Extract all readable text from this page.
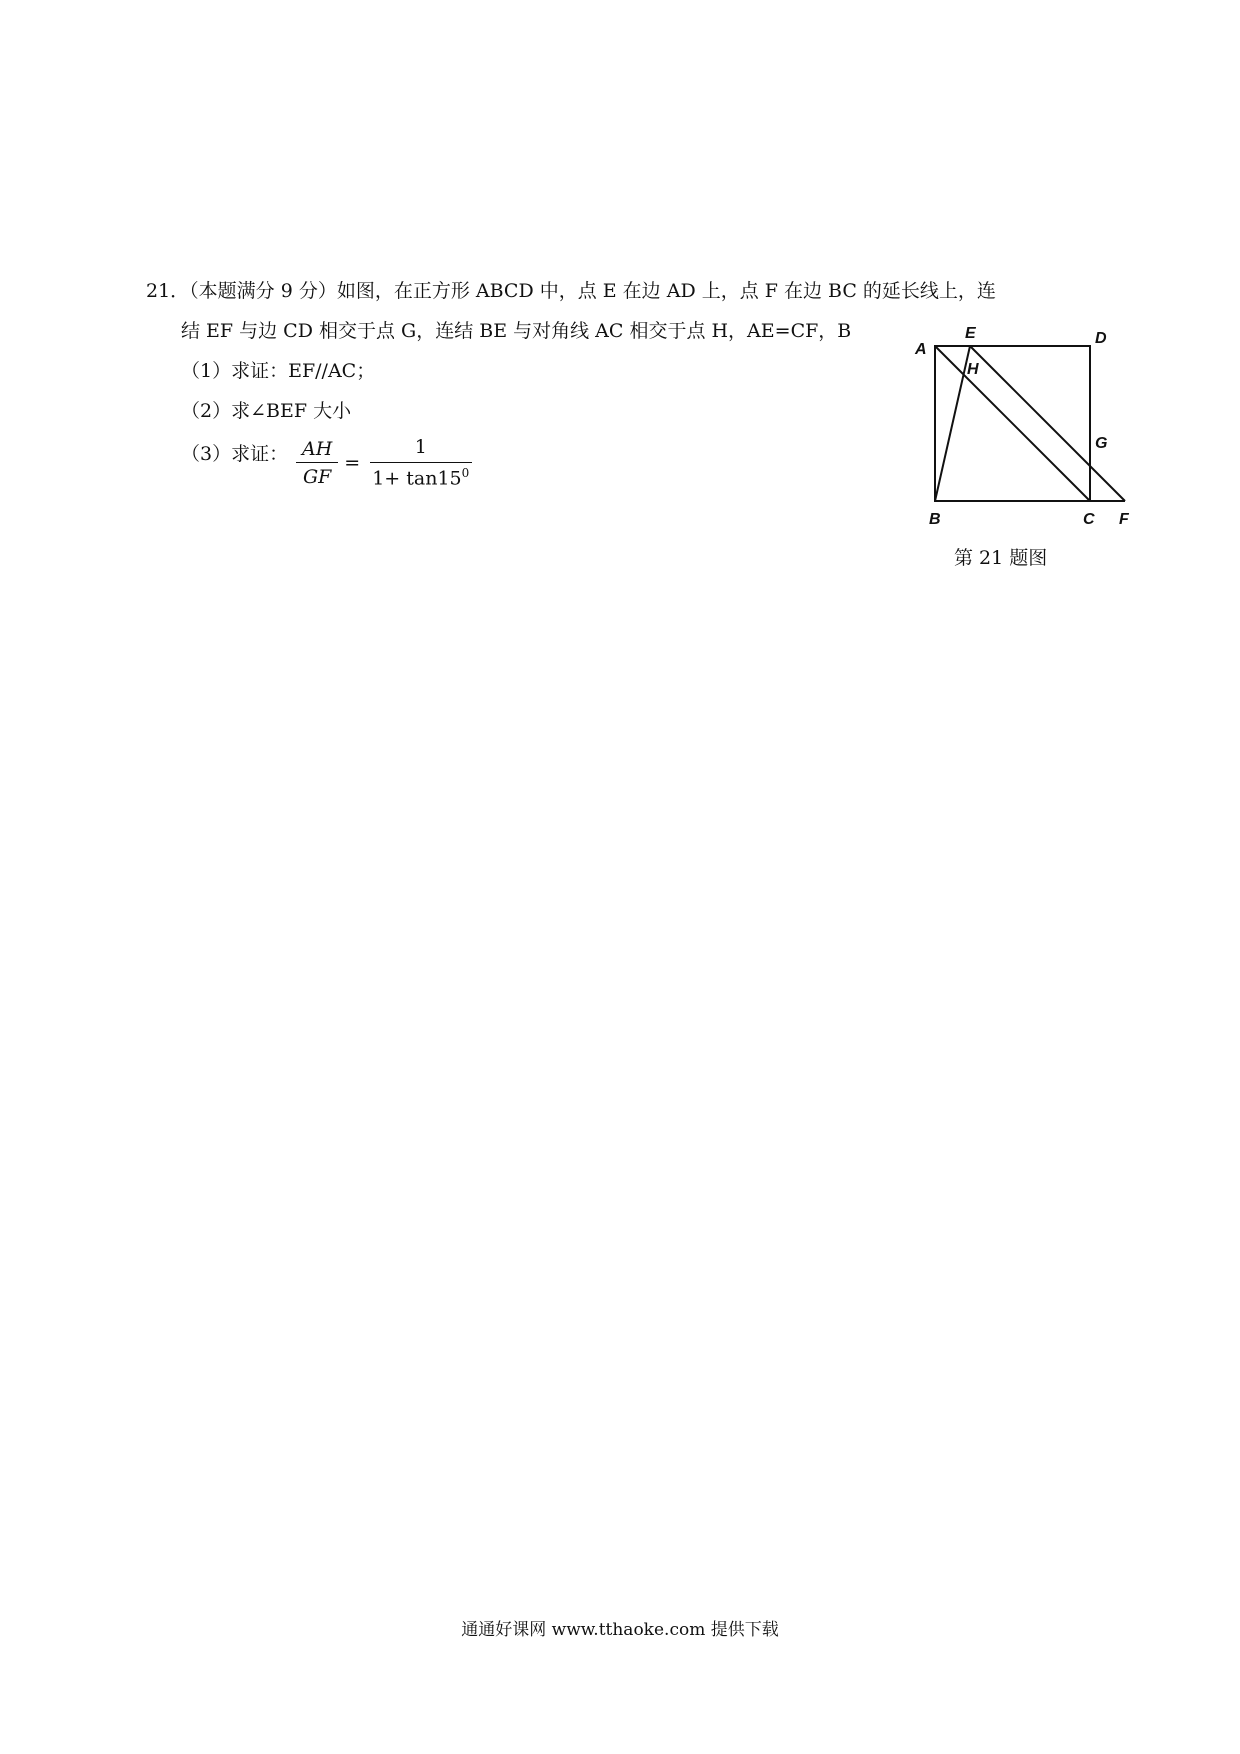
21．（本题满分 9 分）如图，在正方形 ABCD 中，点 E 在边 AD 上，点 F 在边 BC 的延长线上，连
结 EF 与边 CD 相交于点 G，连结 BE 与对角线 AC 相交于点 H，AE=CF，B
（1）求证：EF//AC；
（2）求∠BEF 大小
（3）求证： $\frac{AH}{GF} = \frac{1}{1+ \tan 15^0}$
A
E	D
H
G
B	C F
第 21 题图
通通好课网 www.tthaoke.com 提供下载
